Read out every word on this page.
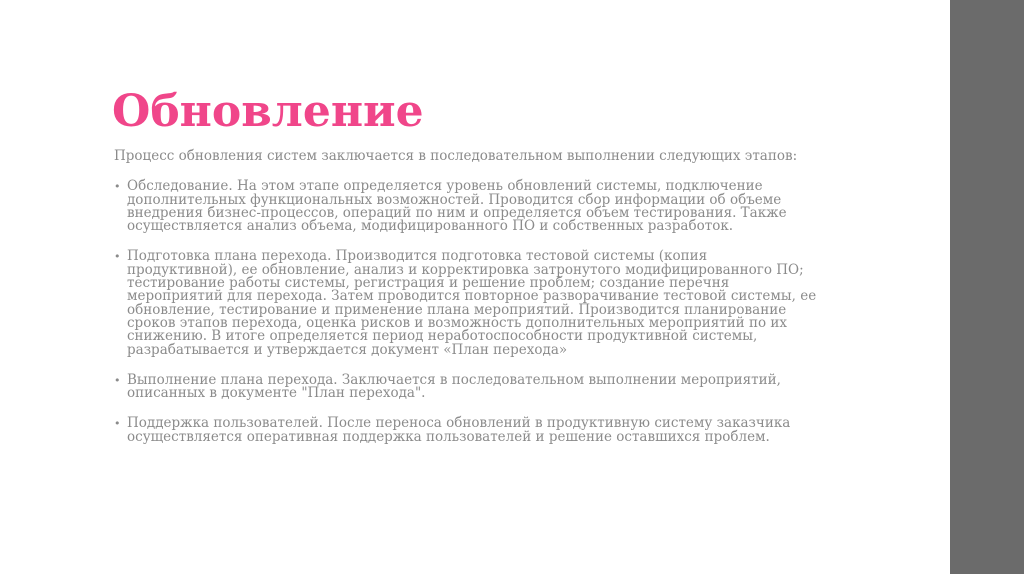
Обновление

Процесс обновления систем заключается в последовательном выполнении следующих этапов:

• Обследование. На этом этапе определяется уровень обновлений системы, подключение
дополнительных функциональных возможностей. Проводится сбор информации об объеме
внедрения бизнес-процессов, операций по ним и определяется объем тестирования. Также
осуществляется анализ объема, модифицированного ПО и собственных разработок.
• Подготовка плана перехода. Производится подготовка тестовой системы (копия
продуктивной), ее обновление, анализ и корректировка затронутого модифицированного ПО;
тестирование работы системы, регистрация и решение проблем; создание перечня
мероприятий для перехода. Затем проводится повторное разворачивание тестовой системы, ее
обновление, тестирование и применение плана мероприятий. Производится планирование
сроков этапов перехода, оценка рисков и возможность дополнительных мероприятий по их
снижению. В итоге определяется период неработоспособности продуктивной системы,
разрабатывается и утверждается документ «План перехода»
• Выполнение плана перехода. Заключается в последовательном выполнении мероприятий,
описанных в документе "План перехода".
• Поддержка пользователей. После переноса обновлений в продуктивную систему заказчика
осуществляется оперативная поддержка пользователей и решение оставшихся проблем.
